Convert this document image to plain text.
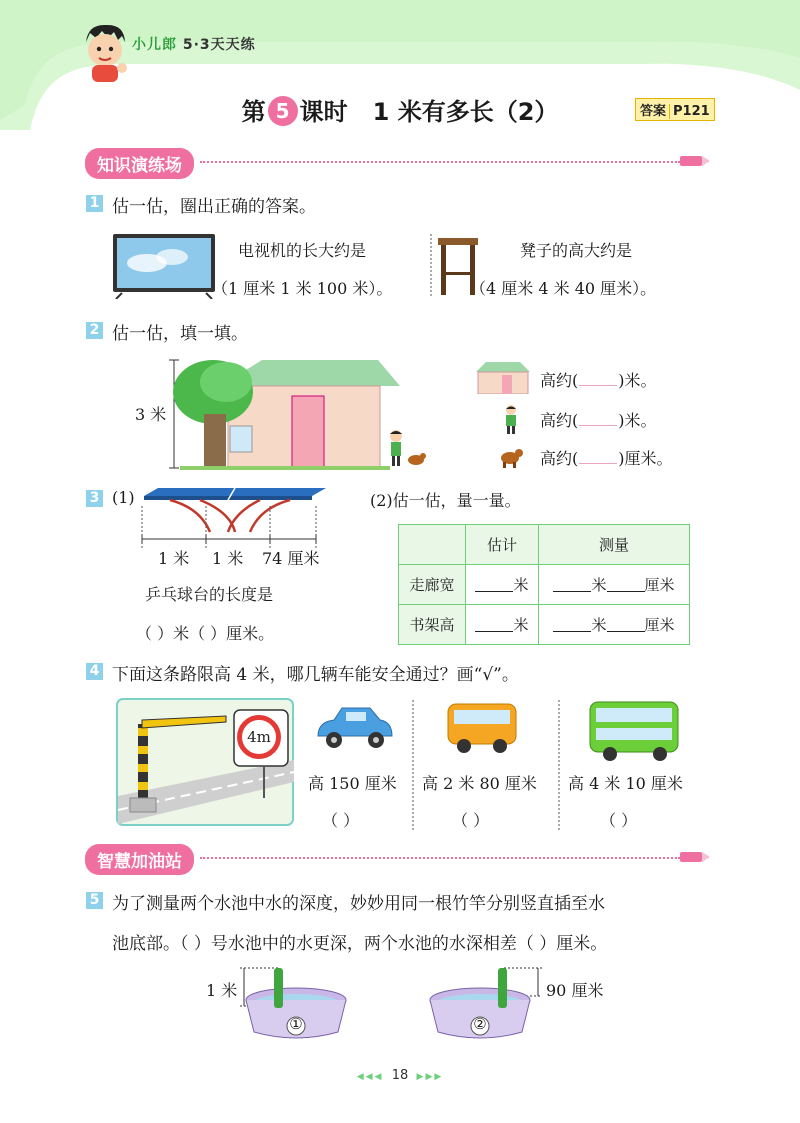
小儿郎 5·3天天练
第 5 课时 1 米有多长（2）	答案 P121
知识演练场
1 估一估，圈出正确的答案。
电视机的长大约是
（1 厘米 1 米 100 米）。
凳子的高大约是
（4 厘米 4 米 40 厘米）。
2 估一估，填一填。
3 米
高约(	)米。
高约(	)米。
高约(	)厘米。
3 (1)
1 米 1 米 74 厘米
乒乓球台的长度是
（ ）米（ ）厘米。
(2)估一估，量一量。
	估计	测量
走廊宽	米	米 厘米
书架高	米	米 厘米
4 下面这条路限高 4 米，哪几辆车能安全通过？画“√”。
4m
高 150 厘米 高 2 米 80 厘米 高 4 米 10 厘米
（ ）	（ ）	（ ）
智慧加油站
5 为了测量两个水池中水的深度，妙妙用同一根竹竿分别竖直插至水
池底部。（ ）号水池中的水更深，两个水池的水深相差（ ）厘米。
1 米
①	②
90 厘米
◀◀◀ 18 ▶▶▶
